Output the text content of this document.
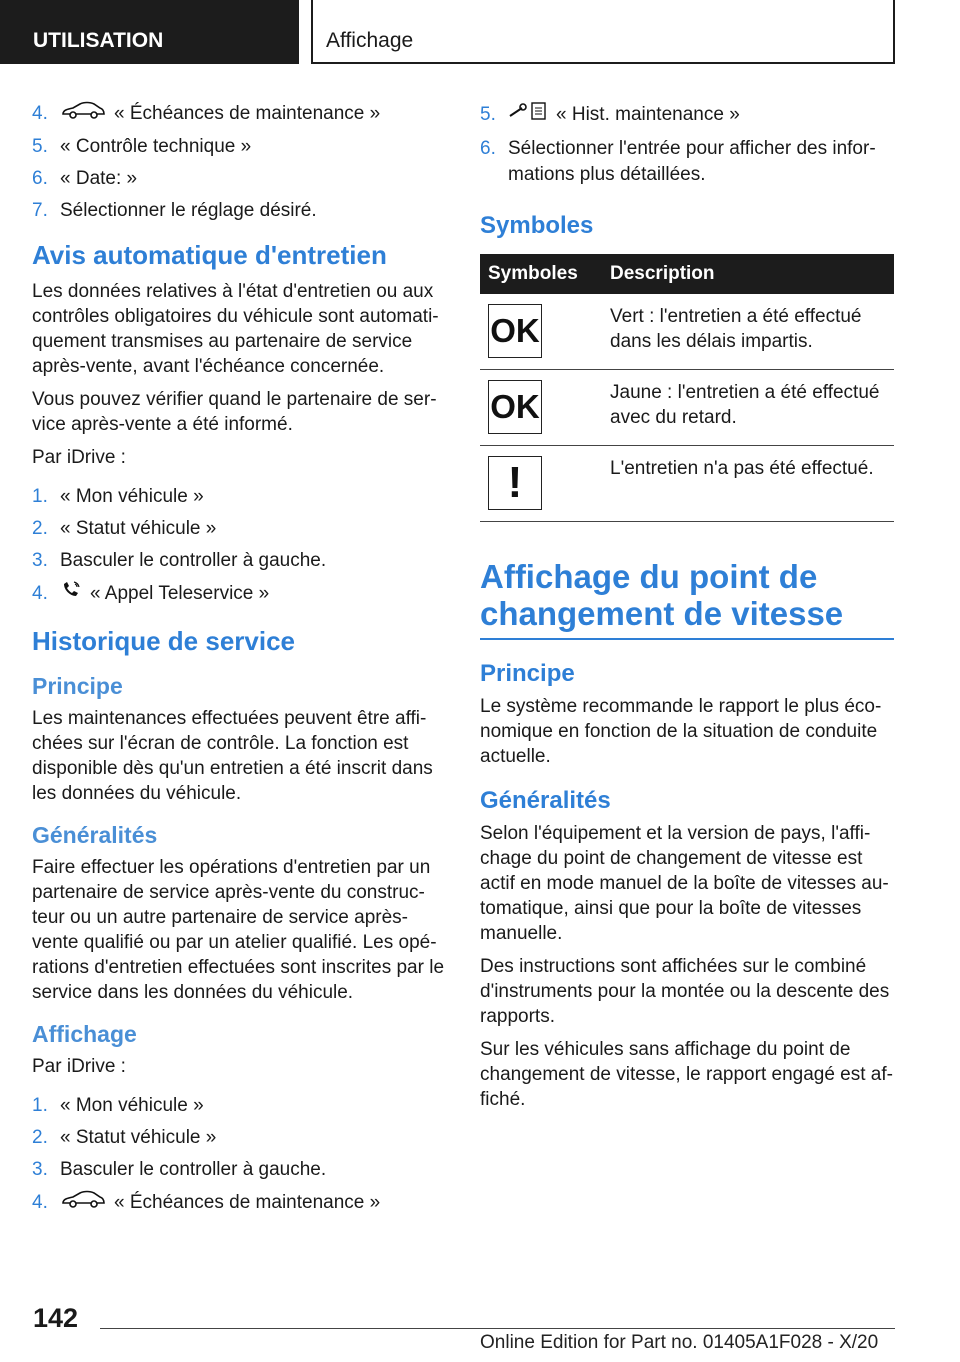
UTILISATION	Affichage
4.	« Échéances de maintenance »
5. « Contrôle technique »
6. « Date: »
7. Sélectionner le réglage désiré.
Avis automatique d'entretien
Les données relatives à l'état d'entretien ou aux contrôles obligatoires du véhicule sont automatiquement transmises au partenaire de service après-vente, avant l'échéance concernée.
Vous pouvez vérifier quand le partenaire de service après-vente a été informé.
Par iDrive :
1. « Mon véhicule »
2. « Statut véhicule »
3. Basculer le controller à gauche.
4.	« Appel Teleservice »
Historique de service
Principe
Les maintenances effectuées peuvent être affichées sur l'écran de contrôle. La fonction est disponible dès qu'un entretien a été inscrit dans les données du véhicule.
Généralités
Faire effectuer les opérations d'entretien par un partenaire de service après-vente du constructeur ou un autre partenaire de service après-vente qualifié ou par un atelier qualifié. Les opérations d'entretien effectuées sont inscrites par le service dans les données du véhicule.
Affichage
Par iDrive :
1. « Mon véhicule »
2. « Statut véhicule »
3. Basculer le controller à gauche.
4.	« Échéances de maintenance »
5.	« Hist. maintenance »
6. Sélectionner l'entrée pour afficher des informations plus détaillées.
Symboles
Symboles	Description
OK	Vert : l'entretien a été effectué dans les délais impartis.
OK	Jaune : l'entretien a été effectué avec du retard.
!	L'entretien n'a pas été effectué.
Affichage du point de changement de vitesse
Principe
Le système recommande le rapport le plus économique en fonction de la situation de conduite actuelle.
Généralités
Selon l'équipement et la version de pays, l'affichage du point de changement de vitesse est actif en mode manuel de la boîte de vitesses automatique, ainsi que pour la boîte de vitesses manuelle.
Des instructions sont affichées sur le combiné d'instruments pour la montée ou la descente des rapports.
Sur les véhicules sans affichage du point de changement de vitesse, le rapport engagé est affiché.
142
Online Edition for Part no. 01405A1F028 - X/20
